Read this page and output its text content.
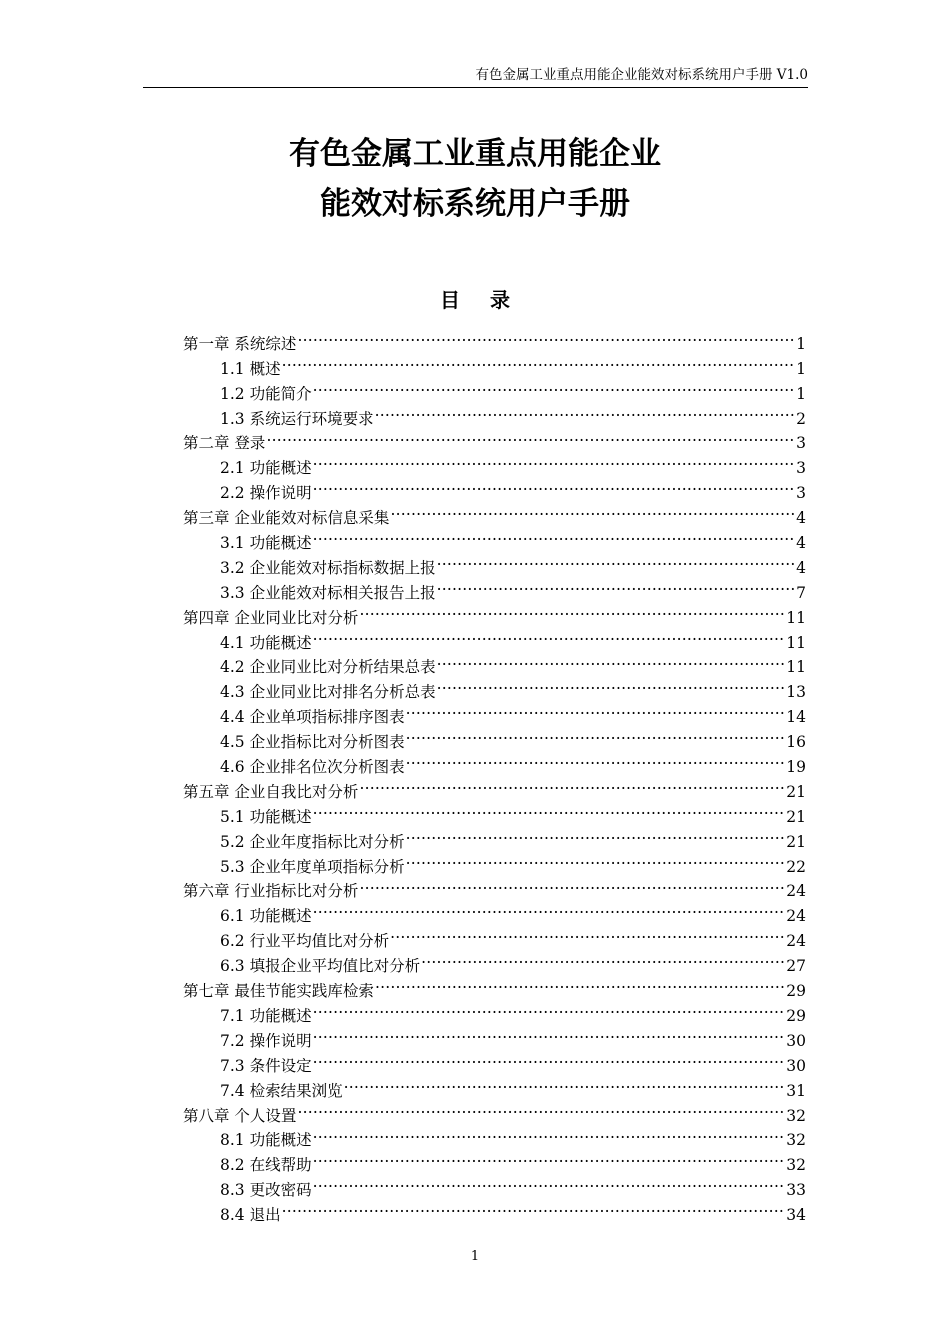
有色金属工业重点用能企业能效对标系统用户手册 V1.0
有色金属工业重点用能企业
能效对标系统用户手册
目录
第一章 系统综述 .....	1
1.1 概述 .....	1
1.2 功能简介 .....	1
1.3 系统运行环境要求 .....	2
第二章 登录 .....	3
2.1 功能概述 .....	3
2.2 操作说明 .....	3
第三章 企业能效对标信息采集 .....	4
3.1 功能概述 .....	4
3.2 企业能效对标指标数据上报 .....	4
3.3 企业能效对标相关报告上报 .....	7
第四章 企业同业比对分析 .....	11
4.1 功能概述 .....	11
4.2 企业同业比对分析结果总表 .....	11
4.3 企业同业比对排名分析总表 .....	13
4.4 企业单项指标排序图表 .....	14
4.5 企业指标比对分析图表 .....	16
4.6 企业排名位次分析图表 .....	19
第五章 企业自我比对分析 .....	21
5.1 功能概述 .....	21
5.2 企业年度指标比对分析 .....	21
5.3 企业年度单项指标分析 .....	22
第六章 行业指标比对分析 .....	24
6.1 功能概述 .....	24
6.2 行业平均值比对分析 .....	24
6.3 填报企业平均值比对分析 .....	27
第七章 最佳节能实践库检索 .....	29
7.1 功能概述 .....	29
7.2 操作说明 .....	30
7.3 条件设定 .....	30
7.4 检索结果浏览 .....	31
第八章 个人设置 .....	32
8.1 功能概述 .....	32
8.2 在线帮助 .....	32
8.3 更改密码 .....	33
8.4 退出 .....	34
1
